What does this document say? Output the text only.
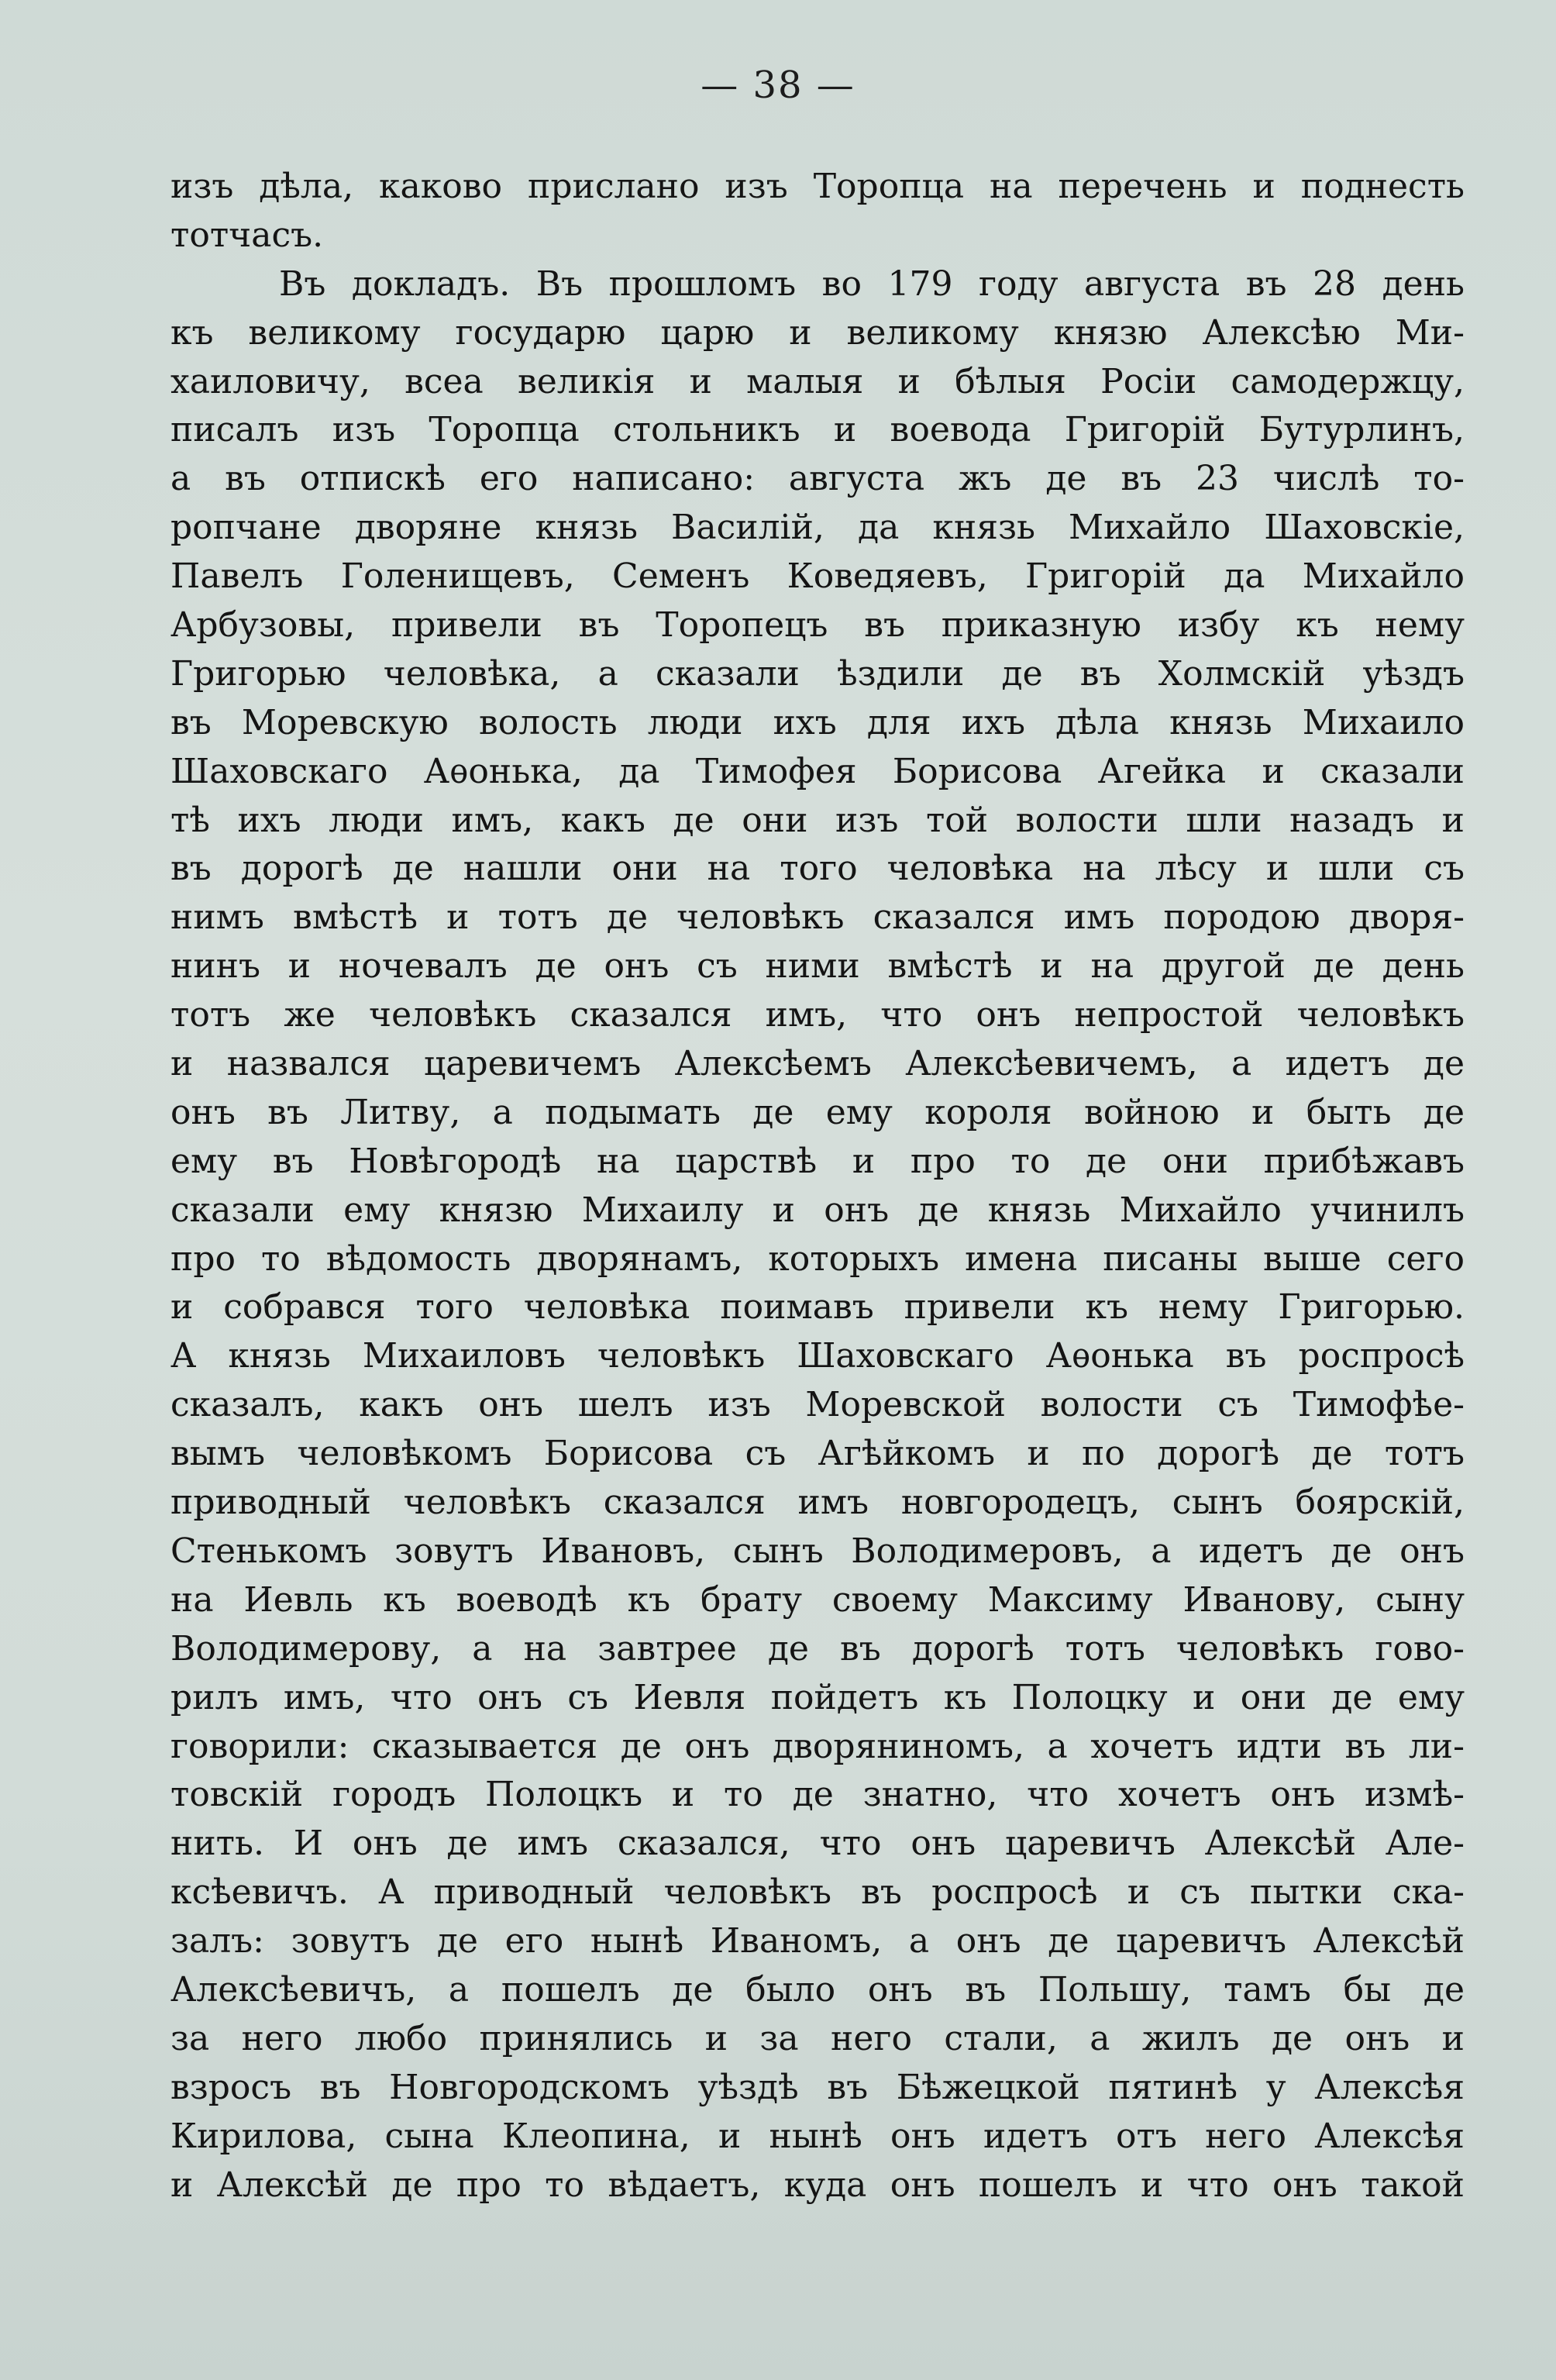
— 38 —
изъ дѣла, каково прислано изъ Торопца на перечень и поднесть
тотчасъ.
Въ докладъ. Въ прошломъ во 179 году августа въ 28 день
къ великому государю царю и великому князю Алексѣю Ми-
хаиловичу, всеа великія и малыя и бѣлыя Росіи самодержцу,
писалъ изъ Торопца стольникъ и воевода Григорій Бутурлинъ,
а въ отпискѣ его написано: августа жъ де въ 23 числѣ то-
ропчане дворяне князь Василій, да князь Михайло Шаховскіе,
Павелъ Голенищевъ, Семенъ Коведяевъ, Григорій да Михайло
Арбузовы, привели въ Торопецъ въ приказную избу къ нему
Григорью человѣка, а сказали ѣздили де въ Холмскій уѣздъ
въ Моревскую волость люди ихъ для ихъ дѣла князь Михаило
Шаховскаго Аѳонька, да Тимофея Борисова Агейка и сказали
тѣ ихъ люди имъ, какъ де они изъ той волости шли назадъ и
въ дорогѣ де нашли они на того человѣка на лѣсу и шли съ
нимъ вмѣстѣ и тотъ де человѣкъ сказался имъ породою дворя-
нинъ и ночевалъ де онъ съ ними вмѣстѣ и на другой де день
тотъ же человѣкъ сказался имъ, что онъ непростой человѣкъ
и назвался царевичемъ Алексѣемъ Алексѣевичемъ, а идетъ де
онъ въ Литву, а подымать де ему короля войною и быть де
ему въ Новѣгородѣ на царствѣ и про то де они прибѣжавъ
сказали ему князю Михаилу и онъ де князь Михайло учинилъ
про то вѣдомость дворянамъ, которыхъ имена писаны выше сего
и собрався того человѣка поимавъ привели къ нему Григорью.
А князь Михаиловъ человѣкъ Шаховскаго Аѳонька въ роспросѣ
сказалъ, какъ онъ шелъ изъ Моревской волости съ Тимофѣе-
вымъ человѣкомъ Борисова съ Агѣйкомъ и по дорогѣ де тотъ
приводный человѣкъ сказался имъ новгородецъ, сынъ боярскій,
Стенькомъ зовутъ Ивановъ, сынъ Володимеровъ, а идетъ де онъ
на Иевль къ воеводѣ къ брату своему Максиму Иванову, сыну
Володимерову, а на завтрее де въ дорогѣ тотъ человѣкъ гово-
рилъ имъ, что онъ съ Иевля пойдетъ къ Полоцку и они де ему
говорили: сказывается де онъ дворяниномъ, а хочетъ идти въ ли-
товскій городъ Полоцкъ и то де знатно, что хочетъ онъ измѣ-
нить. И онъ де имъ сказался, что онъ царевичъ Алексѣй Але-
ксѣевичъ. А приводный человѣкъ въ роспросѣ и съ пытки ска-
залъ: зовутъ де его нынѣ Иваномъ, а онъ де царевичъ Алексѣй
Алексѣевичъ, а пошелъ де было онъ въ Польшу, тамъ бы де
за него любо принялись и за него стали, а жилъ де онъ и
взросъ въ Новгородскомъ уѣздѣ въ Бѣжецкой пятинѣ у Алексѣя
Кирилова, сына Клеопина, и нынѣ онъ идетъ отъ него Алексѣя
и Алексѣй де про то вѣдаетъ, куда онъ пошелъ и что онъ такой
